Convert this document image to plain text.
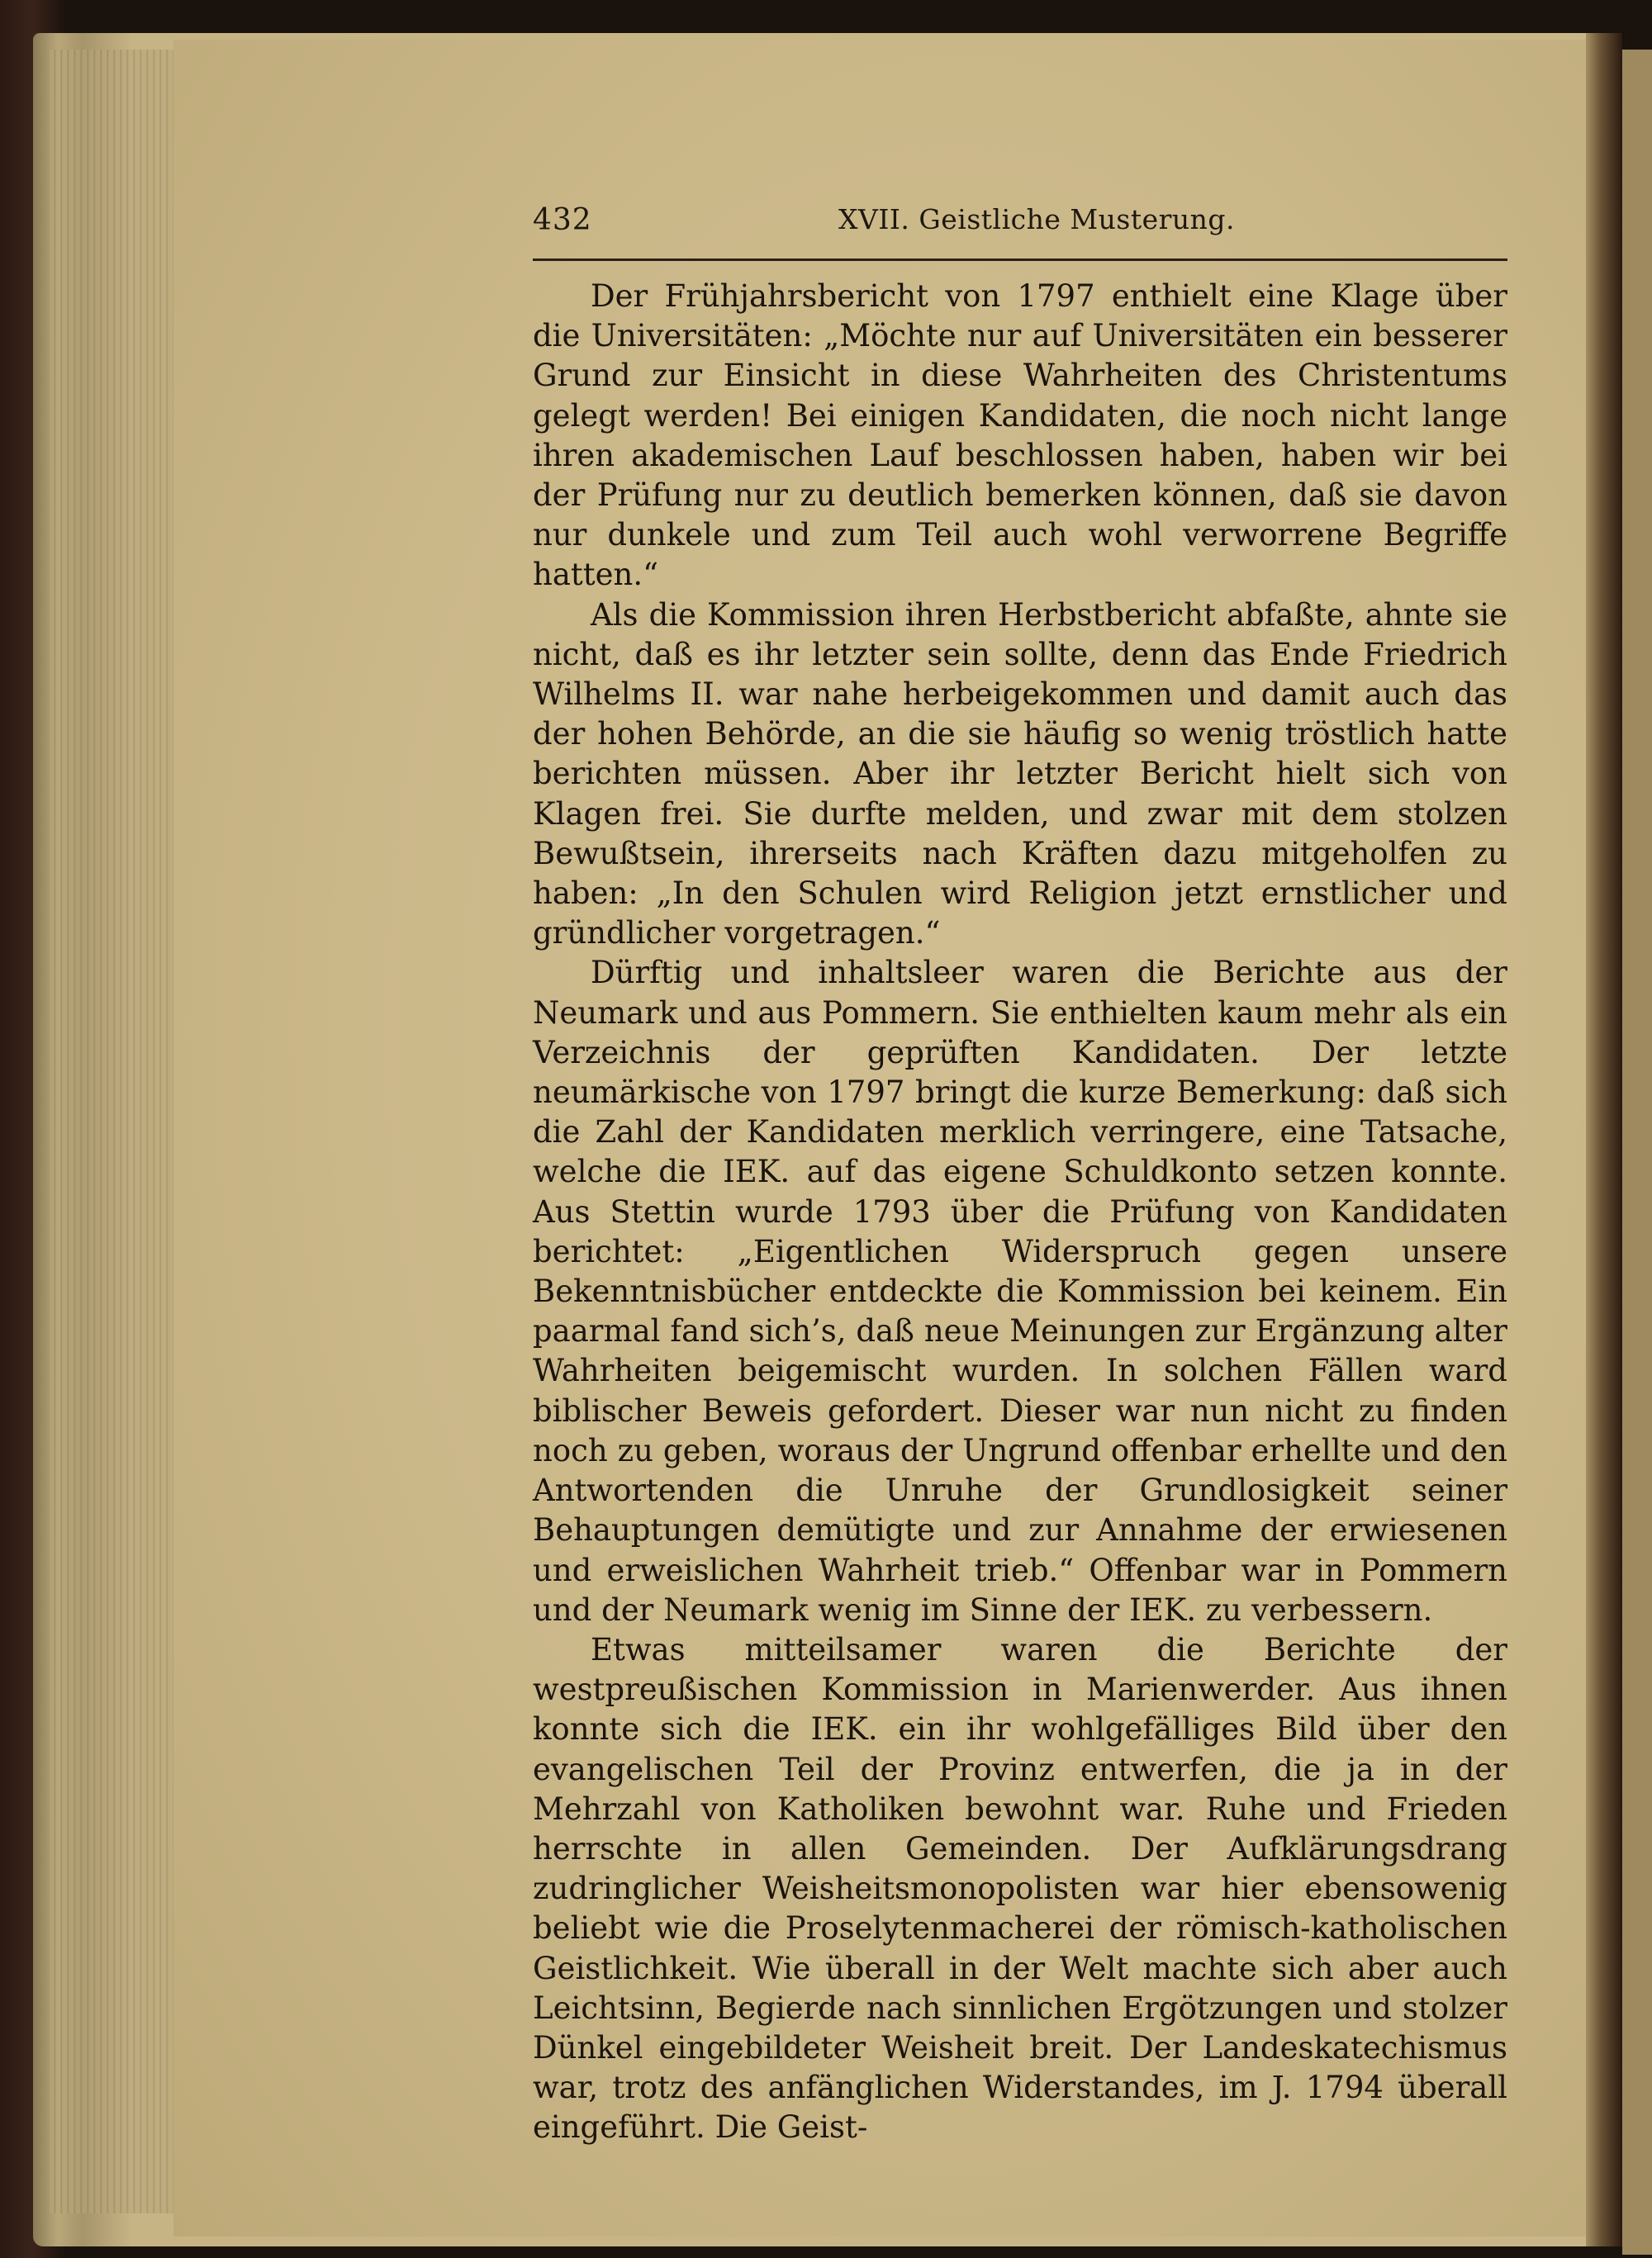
432	XVII. Geistliche Musterung.

Der Frühjahrsbericht von 1797 enthielt eine Klage über die Universitäten: „Möchte nur auf Universitäten ein besserer Grund zur Einsicht in diese Wahrheiten des Christentums gelegt werden! Bei einigen Kandidaten, die noch nicht lange ihren akademischen Lauf beschlossen haben, haben wir bei der Prüfung nur zu deutlich bemerken können, daß sie davon nur dunkele und zum Teil auch wohl verworrene Begriffe hatten.“

Als die Kommission ihren Herbstbericht abfaßte, ahnte sie nicht, daß es ihr letzter sein sollte, denn das Ende Friedrich Wilhelms II. war nahe herbeigekommen und damit auch das der hohen Behörde, an die sie häufig so wenig tröstlich hatte berichten müssen. Aber ihr letzter Bericht hielt sich von Klagen frei. Sie durfte melden, und zwar mit dem stolzen Bewußtsein, ihrerseits nach Kräften dazu mitgeholfen zu haben: „In den Schulen wird Religion jetzt ernstlicher und gründlicher vorgetragen.“

Dürftig und inhaltsleer waren die Berichte aus der Neumark und aus Pommern. Sie enthielten kaum mehr als ein Verzeichnis der geprüften Kandidaten. Der letzte neumärkische von 1797 bringt die kurze Bemerkung: daß sich die Zahl der Kandidaten merklich verringere, eine Tatsache, welche die IEK. auf das eigene Schuldkonto setzen konnte. Aus Stettin wurde 1793 über die Prüfung von Kandidaten berichtet: „Eigentlichen Widerspruch gegen unsere Bekenntnisbücher entdeckte die Kommission bei keinem. Ein paarmal fand sich’s, daß neue Meinungen zur Ergänzung alter Wahrheiten beigemischt wurden. In solchen Fällen ward biblischer Beweis gefordert. Dieser war nun nicht zu finden noch zu geben, woraus der Ungrund offenbar erhellte und den Antwortenden die Unruhe der Grundlosigkeit seiner Behauptungen demütigte und zur Annahme der erwiesenen und erweislichen Wahrheit trieb.“ Offenbar war in Pommern und der Neumark wenig im Sinne der IEK. zu verbessern.

Etwas mitteilsamer waren die Berichte der westpreußischen Kommission in Marienwerder. Aus ihnen konnte sich die IEK. ein ihr wohlgefälliges Bild über den evangelischen Teil der Provinz entwerfen, die ja in der Mehrzahl von Katholiken bewohnt war. Ruhe und Frieden herrschte in allen Gemeinden. Der Aufklärungsdrang zudringlicher Weisheitsmonopolisten war hier ebensowenig beliebt wie die Proselytenmacherei der römisch-katholischen Geistlichkeit. Wie überall in der Welt machte sich aber auch Leichtsinn, Begierde nach sinnlichen Ergötzungen und stolzer Dünkel eingebildeter Weisheit breit. Der Landeskatechismus war, trotz des anfänglichen Widerstandes, im J. 1794 überall eingeführt. Die Geist-
